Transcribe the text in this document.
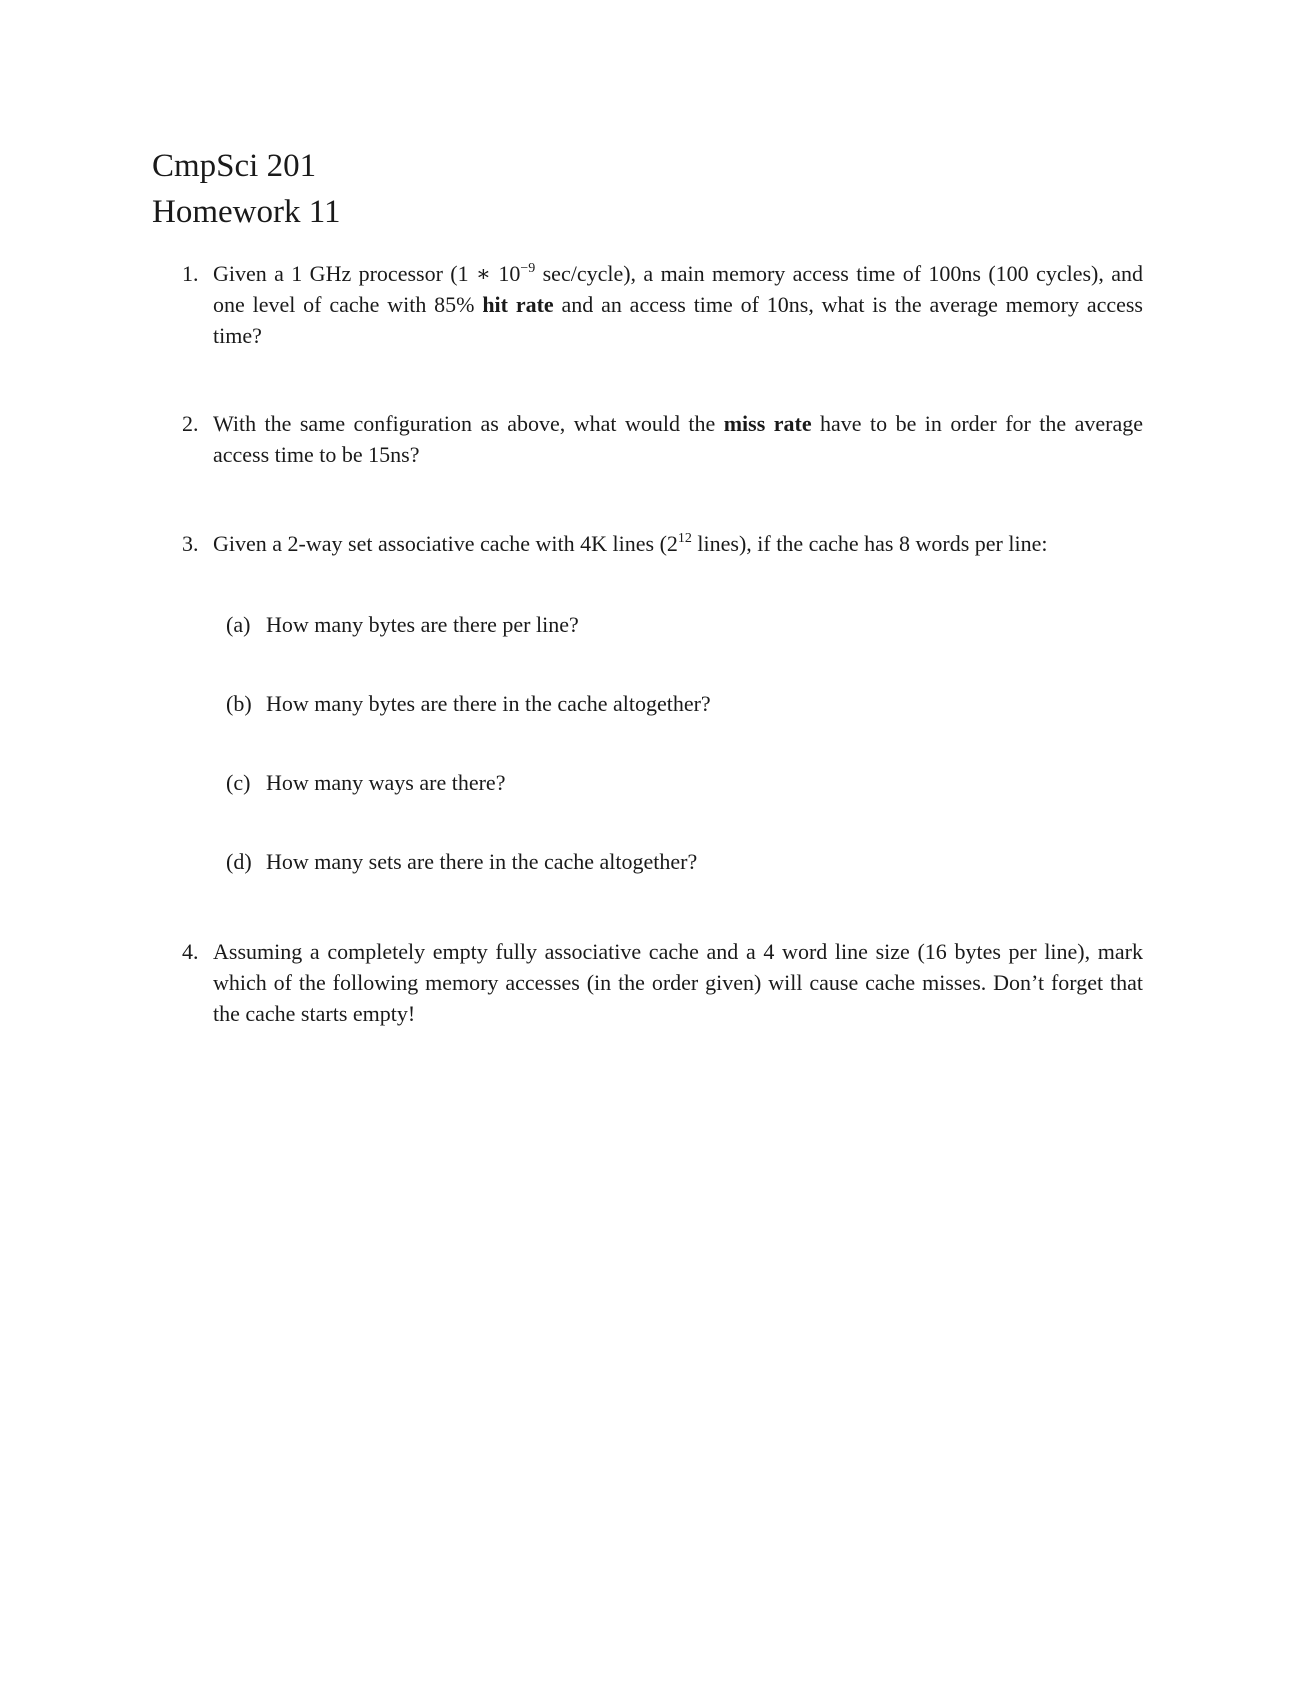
CmpSci 201
Homework 11
1. Given a 1 GHz processor (1 ∗ $10^{-9}$ sec/cycle), a main memory access time of 100ns (100 cycles), and one level of cache with 85% hit rate and an access time of 10ns, what is the average memory access time?
2. With the same configuration as above, what would the miss rate have to be in order for the average access time to be 15ns?
3. Given a 2-way set associative cache with 4K lines ($2^{12}$ lines), if the cache has 8 words per line:
(a) How many bytes are there per line?
(b) How many bytes are there in the cache altogether?
(c) How many ways are there?
(d) How many sets are there in the cache altogether?
4. Assuming a completely empty fully associative cache and a 4 word line size (16 bytes per line), mark which of the following memory accesses (in the order given) will cause cache misses. Don’t forget that the cache starts empty!
